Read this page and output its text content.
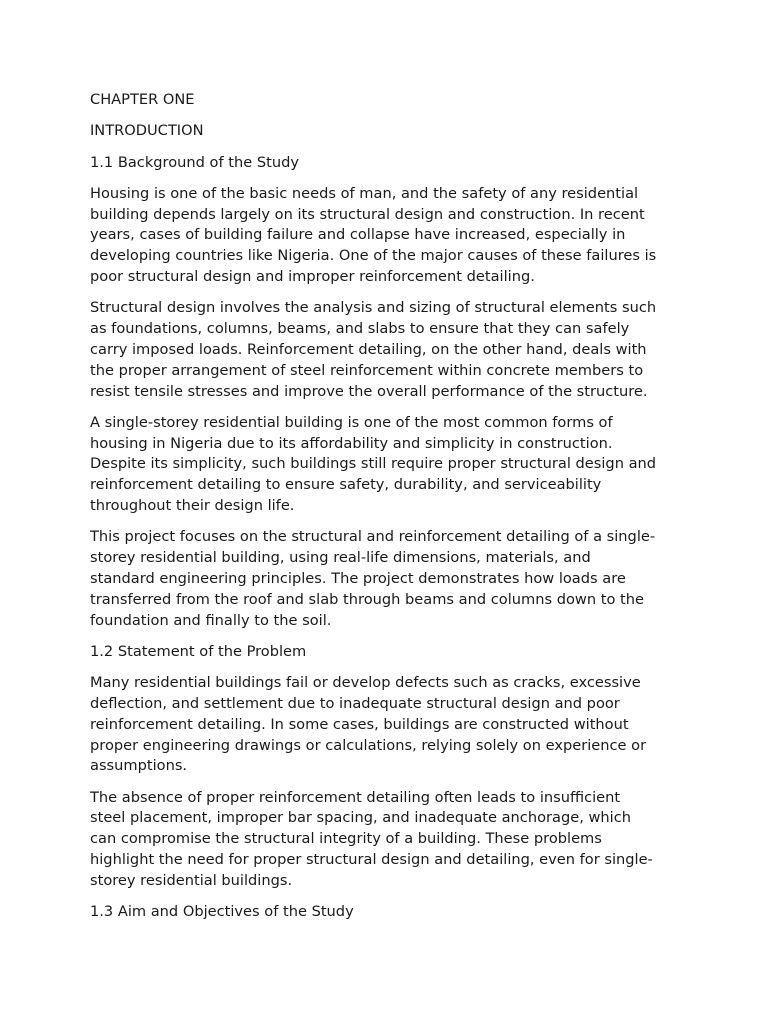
CHAPTER ONE

INTRODUCTION

1.1 Background of the Study

Housing is one of the basic needs of man, and the safety of any residential
building depends largely on its structural design and construction. In recent
years, cases of building failure and collapse have increased, especially in
developing countries like Nigeria. One of the major causes of these failures is
poor structural design and improper reinforcement detailing.

Structural design involves the analysis and sizing of structural elements such
as foundations, columns, beams, and slabs to ensure that they can safely
carry imposed loads. Reinforcement detailing, on the other hand, deals with
the proper arrangement of steel reinforcement within concrete members to
resist tensile stresses and improve the overall performance of the structure.

A single-storey residential building is one of the most common forms of
housing in Nigeria due to its affordability and simplicity in construction.
Despite its simplicity, such buildings still require proper structural design and
reinforcement detailing to ensure safety, durability, and serviceability
throughout their design life.

This project focuses on the structural and reinforcement detailing of a single-
storey residential building, using real-life dimensions, materials, and
standard engineering principles. The project demonstrates how loads are
transferred from the roof and slab through beams and columns down to the
foundation and finally to the soil.

1.2 Statement of the Problem

Many residential buildings fail or develop defects such as cracks, excessive
deflection, and settlement due to inadequate structural design and poor
reinforcement detailing. In some cases, buildings are constructed without
proper engineering drawings or calculations, relying solely on experience or
assumptions.

The absence of proper reinforcement detailing often leads to insufficient
steel placement, improper bar spacing, and inadequate anchorage, which
can compromise the structural integrity of a building. These problems
highlight the need for proper structural design and detailing, even for single-
storey residential buildings.

1.3 Aim and Objectives of the Study
